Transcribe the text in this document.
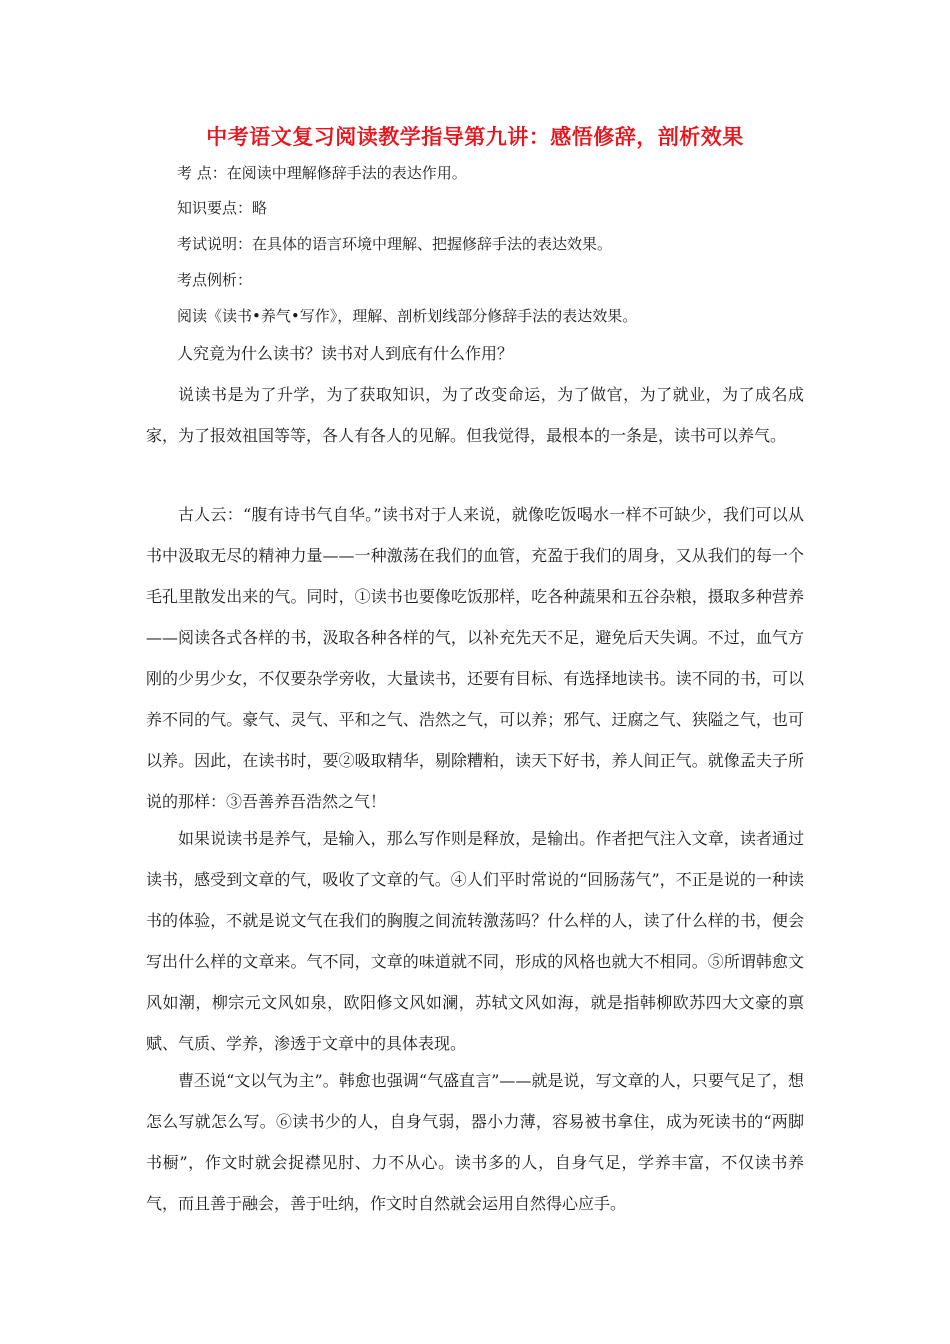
中考语文复习阅读教学指导第九讲：感悟修辞，剖析效果
考 点：在阅读中理解修辞手法的表达作用。
知识要点：略
考试说明：在具体的语言环境中理解、把握修辞手法的表达效果。
考点例析：
阅读《读书•养气•写作》，理解、剖析划线部分修辞手法的表达效果。

人究竟为什么读书？读书对人到底有什么作用？

说读书是为了升学，为了获取知识，为了改变命运，为了做官，为了就业，为了成名成家，为了报效祖国等等，各人有各人的见解。但我觉得，最根本的一条是，读书可以养气。

古人云：“腹有诗书气自华。”读书对于人来说，就像吃饭喝水一样不可缺少，我们可以从书中汲取无尽的精神力量——一种激荡在我们的血管，充盈于我们的周身，又从我们的每一个毛孔里散发出来的气。同时，①读书也要像吃饭那样，吃各种蔬果和五谷杂粮，摄取多种营养——阅读各式各样的书，汲取各种各样的气，以补充先天不足，避免后天失调。不过，血气方刚的少男少女，不仅要杂学旁收，大量读书，还要有目标、有选择地读书。读不同的书，可以养不同的气。豪气、灵气、平和之气、浩然之气，可以养；邪气、迂腐之气、狭隘之气，也可以养。因此，在读书时，要②吸取精华，剔除糟粕，读天下好书，养人间正气。就像孟夫子所说的那样：③吾善养吾浩然之气！

如果说读书是养气，是输入，那么写作则是释放，是输出。作者把气注入文章，读者通过读书，感受到文章的气，吸收了文章的气。④人们平时常说的“回肠荡气”，不正是说的一种读书的体验，不就是说文气在我们的胸腹之间流转激荡吗？什么样的人，读了什么样的书，便会写出什么样的文章来。气不同，文章的味道就不同，形成的风格也就大不相同。⑤所谓韩愈文风如潮，柳宗元文风如泉，欧阳修文风如澜，苏轼文风如海，就是指韩柳欧苏四大文豪的禀赋、气质、学养，渗透于文章中的具体表现。

曹丕说“文以气为主”。韩愈也强调“气盛直言”——就是说，写文章的人，只要气足了，想怎么写就怎么写。⑥读书少的人，自身气弱，器小力薄，容易被书拿住，成为死读书的“两脚书橱”，作文时就会捉襟见肘、力不从心。读书多的人，自身气足，学养丰富，不仅读书养气，而且善于融会，善于吐纳，作文时自然就会运用自然得心应手。
